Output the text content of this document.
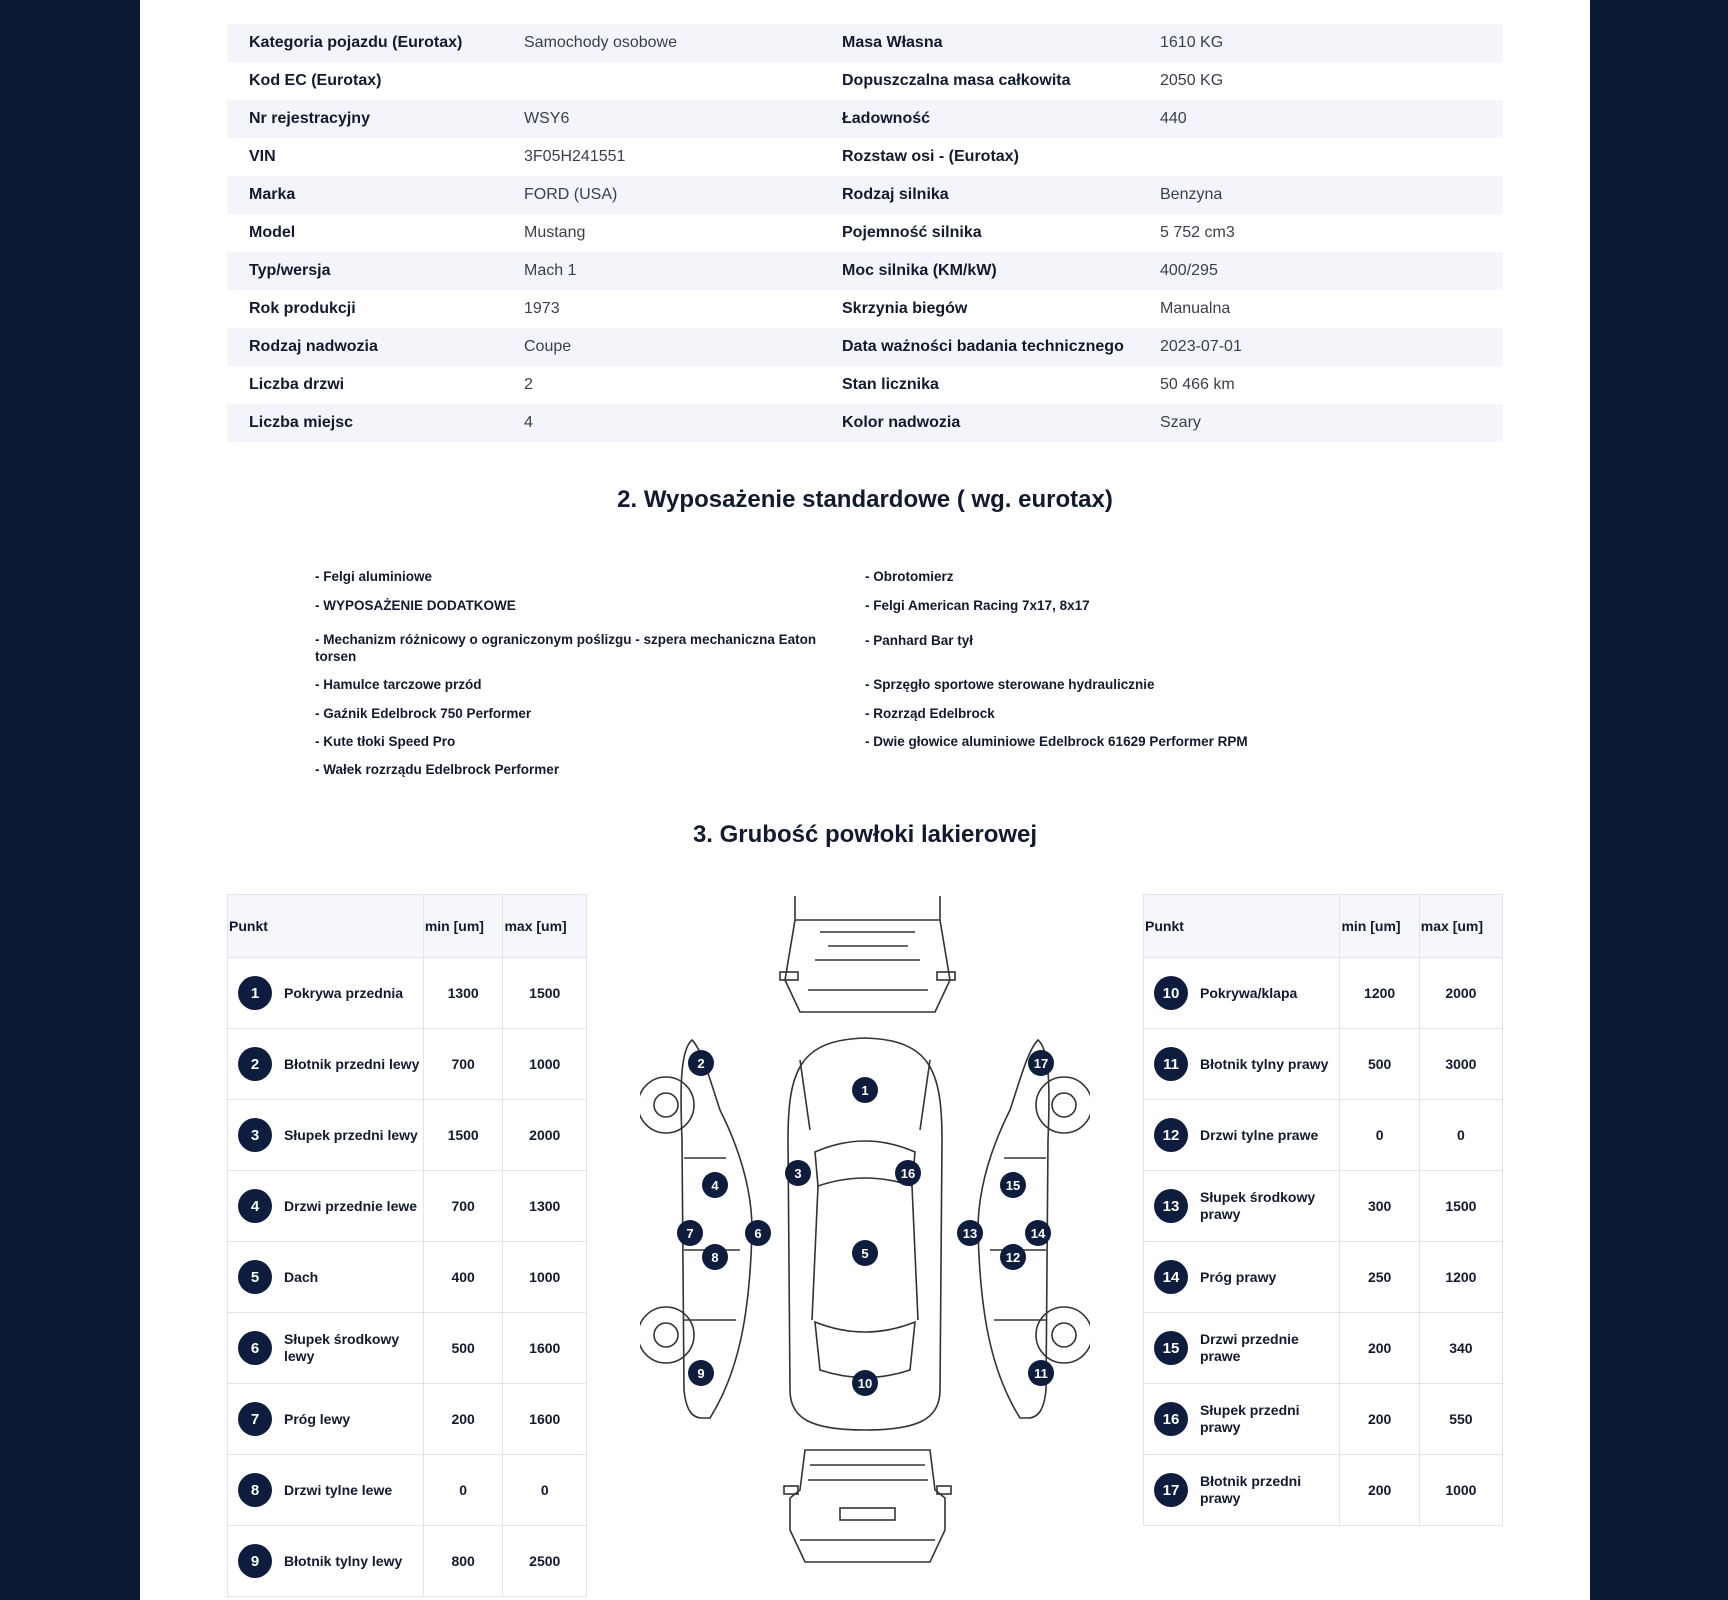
Kategoria pojazdu (Eurotax)	Samochody osobowe	Masa Własna	1610 KG
Kod EC (Eurotax)		Dopuszczalna masa całkowita	2050 KG
Nr rejestracyjny	WSY6	Ładowność	440
VIN	3F05H241551	Rozstaw osi - (Eurotax)	
Marka	FORD (USA)	Rodzaj silnika	Benzyna
Model	Mustang	Pojemność silnika	5 752 cm3
Typ/wersja	Mach 1	Moc silnika (KM/kW)	400/295
Rok produkcji	1973	Skrzynia biegów	Manualna
Rodzaj nadwozia	Coupe	Data ważności badania technicznego	2023-07-01
Liczba drzwi	2	Stan licznika	50 466 km
Liczba miejsc	4	Kolor nadwozia	Szary
2. Wyposażenie standardowe ( wg. eurotax)
- Felgi aluminiowe
- WYPOSAŻENIE DODATKOWE
- Mechanizm różnicowy o ograniczonym poślizgu - szpera mechaniczna Eaton torsen
- Hamulce tarczowe przód
- Gaźnik Edelbrock 750 Performer
- Kute tłoki Speed Pro
- Wałek rozrządu Edelbrock Performer
- Obrotomierz
- Felgi American Racing 7x17, 8x17
- Panhard Bar tył
- Sprzęgło sportowe sterowane hydraulicznie
- Rozrząd Edelbrock
- Dwie głowice aluminiowe Edelbrock 61629 Performer RPM
3. Grubość powłoki lakierowej
Punkt	min [um]	max [um]

1 Pokrywa przednia	1300	1500

2 Błotnik przedni lewy	700	1000

3 Słupek przedni lewy	1500	2000

4 Drzwi przednie lewe	700	1300

5 Dach	400	1000

6
Słupek środkowy lewy	500	1600

7 Próg lewy	200	1600

8 Drzwi tylne lewe	0	0

9 Błotnik tylny lewy	800	2500
Punkt	min [um]	max [um]

10 Pokrywa/klapa	1200	2000

11 Błotnik tylny prawy	500	3000

12 Drzwi tylne prawe	0	0

13
Słupek środkowy prawy	300	1500

14 Próg prawy	250	1200

15
Drzwi przednie prawe	200	340

16
Słupek przedni prawy	200	550

17
Błotnik przedni prawy	200	1000
1
2
3
4
5
6
7
8
9
10
11
12
13	14
15
16
17
